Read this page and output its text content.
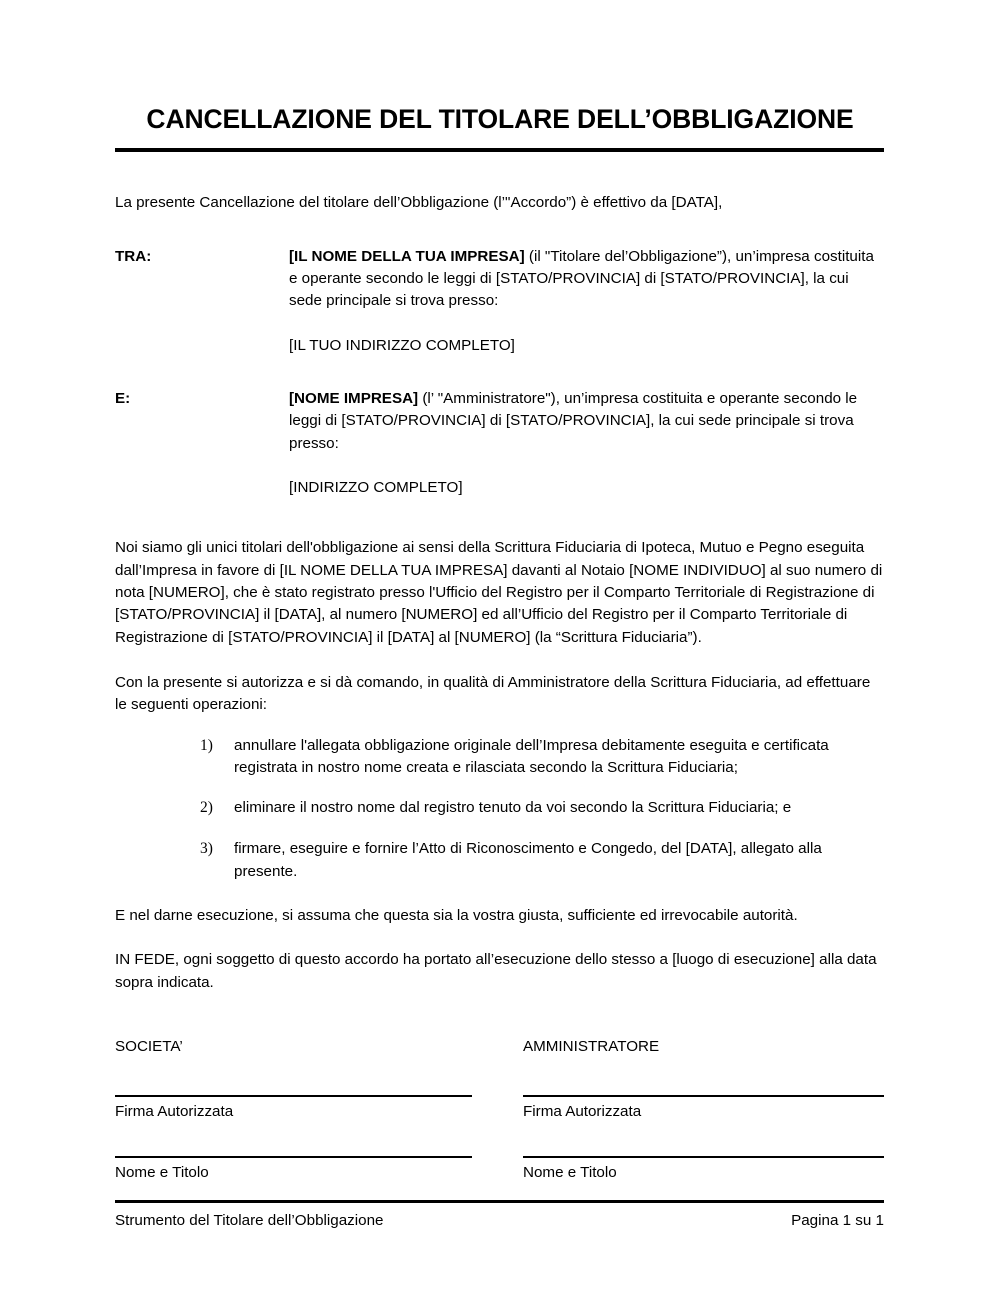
CANCELLAZIONE DEL TITOLARE DELL’OBBLIGAZIONE

La presente Cancellazione del titolare dell’Obbligazione (l’"Accordo”) è effettivo da [DATA],

TRA:	[IL NOME DELLA TUA IMPRESA] (il "Titolare del’Obbligazione”), un’impresa costituita e operante secondo le leggi di [STATO/PROVINCIA] di [STATO/PROVINCIA], la cui sede principale si trova presso:
[IL TUO INDIRIZZO COMPLETO]
E:	[NOME IMPRESA] (l’ "Amministratore"), un’impresa costituita e operante secondo le leggi di [STATO/PROVINCIA] di [STATO/PROVINCIA], la cui sede principale si trova presso:
[INDIRIZZO COMPLETO]

Noi siamo gli unici titolari dell'obbligazione ai sensi della Scrittura Fiduciaria di Ipoteca, Mutuo e Pegno eseguita dall’Impresa in favore di [IL NOME DELLA TUA IMPRESA] davanti al Notaio [NOME INDIVIDUO] al suo numero di nota [NUMERO], che è stato registrato presso l'Ufficio del Registro per il Comparto Territoriale di Registrazione di [STATO/PROVINCIA] il [DATA], al numero [NUMERO] ed all’Ufficio del Registro per il Comparto Territoriale di Registrazione di [STATO/PROVINCIA] il [DATA] al [NUMERO] (la “Scrittura Fiduciaria”).

Con la presente si autorizza e si dà comando, in qualità di Amministratore della Scrittura Fiduciaria, ad effettuare le seguenti operazioni:

1)	annullare l'allegata obbligazione originale dell’Impresa debitamente eseguita e certificata registrata in nostro nome creata e rilasciata secondo la Scrittura Fiduciaria;
2)	eliminare il nostro nome dal registro tenuto da voi secondo la Scrittura Fiduciaria; e
3)	firmare, eseguire e fornire l’Atto di Riconoscimento e Congedo, del [DATA], allegato alla presente.

E nel darne esecuzione, si assuma che questa sia la vostra giusta, sufficiente ed irrevocabile autorità.

IN FEDE, ogni soggetto di questo accordo ha portato all’esecuzione dello stesso a [luogo di esecuzione] alla data sopra indicata.

SOCIETA’
Firma Autorizzata
Nome e Titolo
AMMINISTRATORE
Firma Autorizzata
Nome e Titolo
Strumento del Titolare dell’Obbligazione	Pagina 1 su 1
